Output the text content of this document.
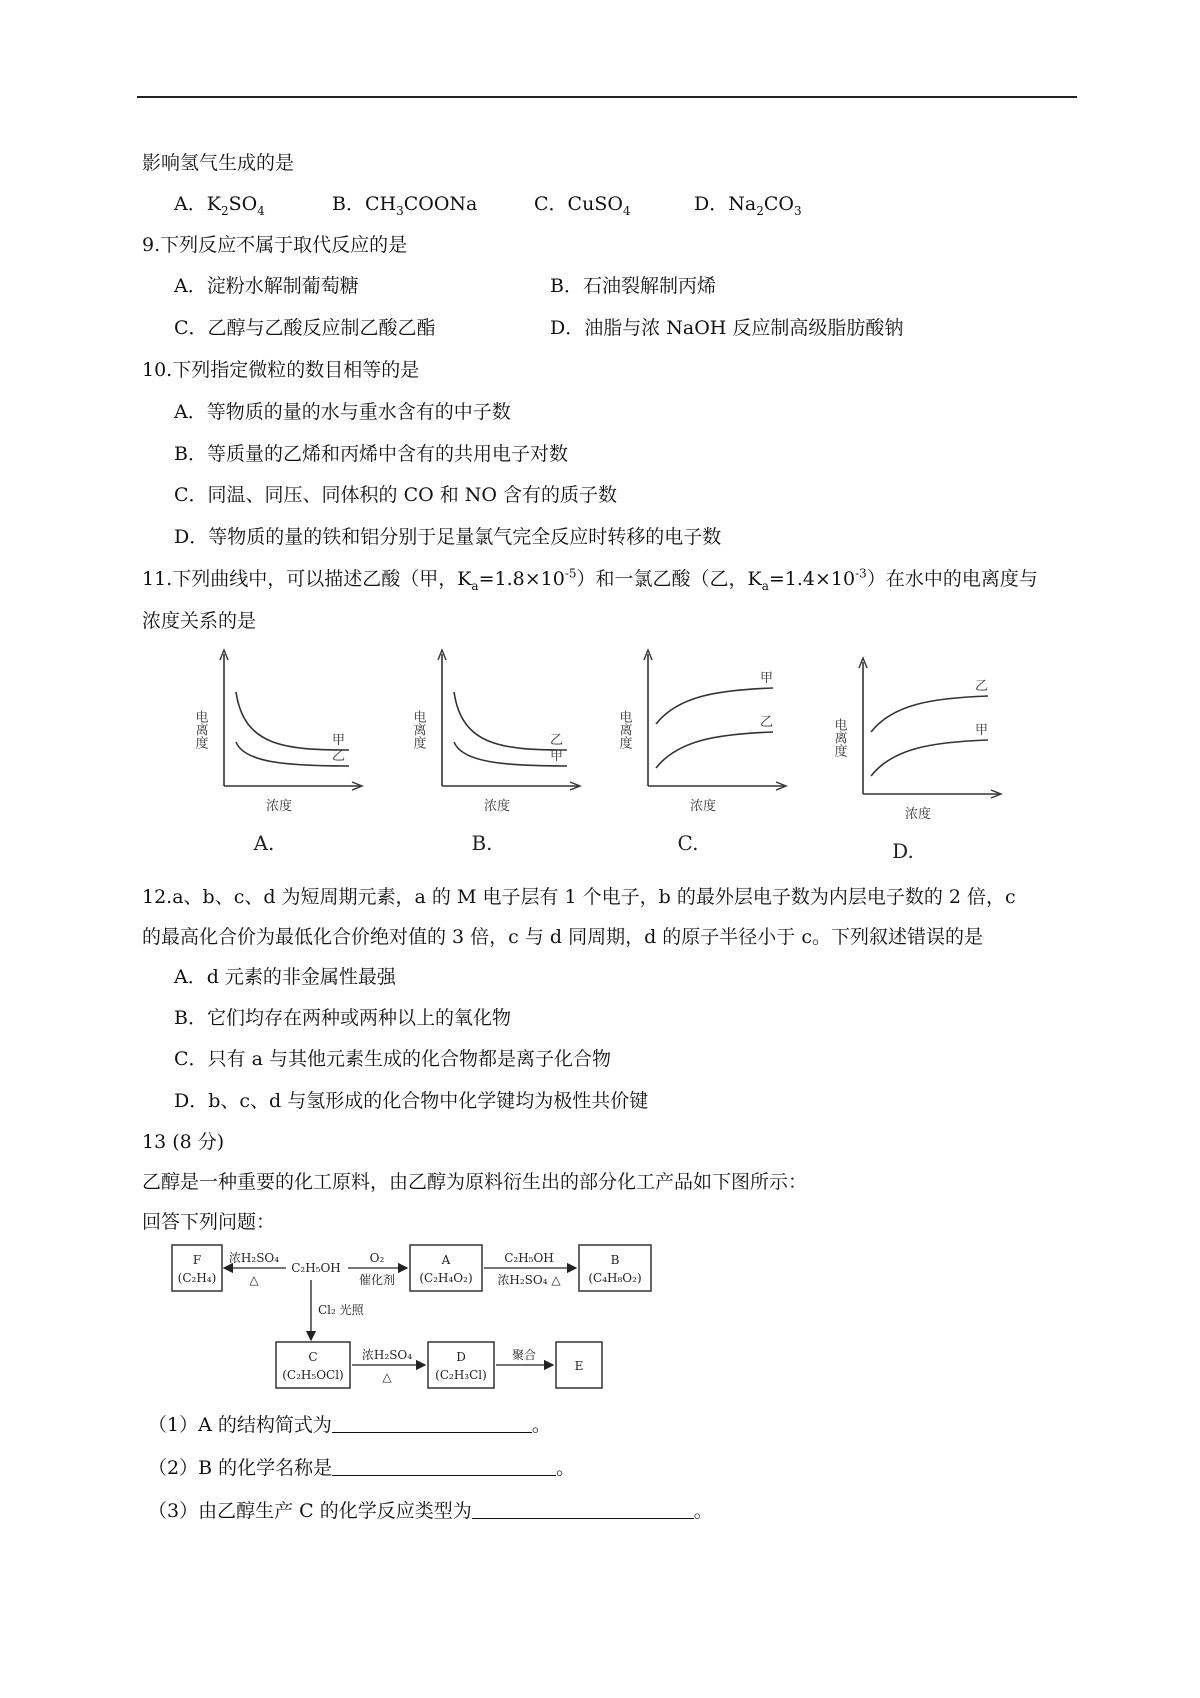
影响氢气生成的是
A．$K_2SO_4$	B．$CH_3COONa$	C．CuSO$_4$	D．$Na_2CO_3$
9.下列反应不属于取代反应的是
A．淀粉水解制葡萄糖	B．石油裂解制丙烯
C．乙醇与乙酸反应制乙酸乙酯	D．油脂与浓 NaOH 反应制高级脂肪酸钠
10.下列指定微粒的数目相等的是
A．等物质的量的水与重水含有的中子数
B．等质量的乙烯和丙烯中含有的共用电子对数
C．同温、同压、同体积的 CO 和 NO 含有的质子数
D．等物质的量的铁和铝分别于足量氯气完全反应时转移的电子数
11.下列曲线中，可以描述乙酸（甲，$K_a=1.8\times 10^{-5}$）和一氯乙酸（乙，$K_a=1.4\times 10^{-3}$）在水中的电离度与
浓度关系的是
电离度
浓度
A.
甲
乙
电离度
浓度
B.
乙
甲
电离度
浓度
C.
甲
乙	电离度
浓度
D.
乙
甲
12.a、b、c、d 为短周期元素，a 的 M 电子层有 1 个电子，b 的最外层电子数为内层电子数的 2 倍，c
的最高化合价为最低化合价绝对值的 3 倍，c 与 d 同周期，d 的原子半径小于 c。下列叙述错误的是
A．d 元素的非金属性最强
B．它们均存在两种或两种以上的氧化物
C．只有 a 与其他元素生成的化合物都是离子化合物
D．b、c、d 与氢形成的化合物中化学键均为极性共价键
13 (8 分)
乙醇是一种重要的化工原料，由乙醇为原料衍生出的部分化工产品如下图所示：
回答下列问题：
F
(C₂H₄)
浓H₂SO₄
△
C₂H₅OH
O₂
催化剂
A
(C₂H₄O₂)
C₂H₅OH
浓H₂SO₄ △
B
(C₄H₈O₂)
Cl₂ 光照
C
(C₂H₅OCl)
浓H₂SO₄
△
D
(C₂H₃Cl)
聚合
E
（1）A 的结构简式为	。
（2）B 的化学名称是	。
（3）由乙醇生产 C 的化学反应类型为	。
